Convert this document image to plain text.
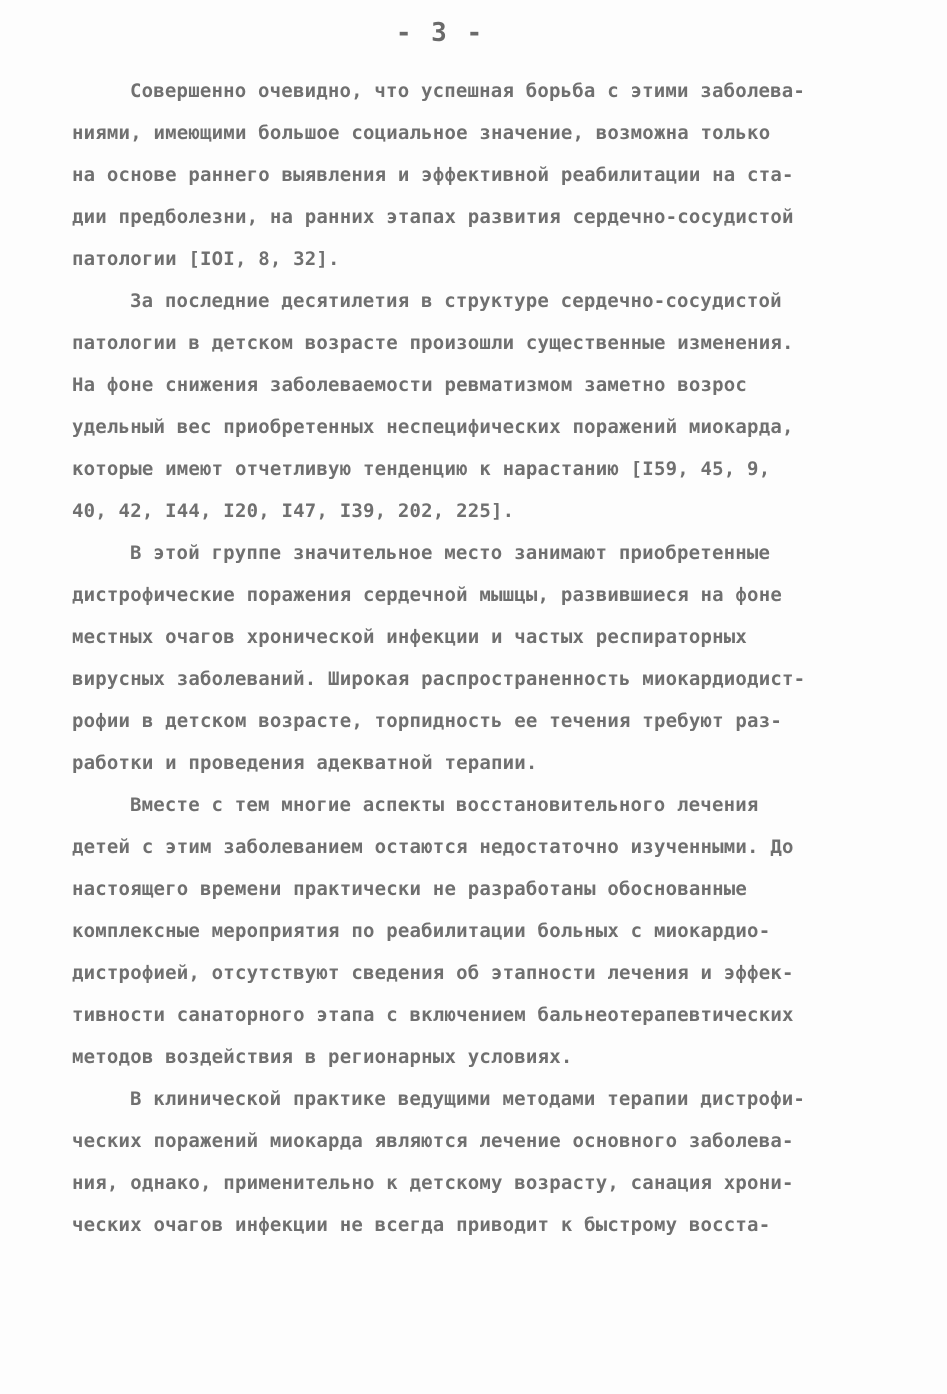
- 3 -
Совершенно очевидно, что успешная борьба с этими заболева-
ниями, имеющими большое социальное значение, возможна только
на основе раннего выявления и эффективной реабилитации на ста-
дии предболезни, на ранних этапах развития сердечно-сосудистой
патологии [IOI, 8, 32].
За последние десятилетия в структуре сердечно-сосудистой
патологии в детском возрасте произошли существенные изменения.
На фоне снижения заболеваемости ревматизмом заметно возрос
удельный вес приобретенных неспецифических поражений миокарда,
которые имеют отчетливую тенденцию к нарастанию [I59, 45, 9,
40, 42, I44, I20, I47, I39, 202, 225].
В этой группе значительное место занимают приобретенные
дистрофические поражения сердечной мышцы, развившиеся на фоне
местных очагов хронической инфекции и частых респираторных
вирусных заболеваний. Широкая распространенность миокардиодист-
рофии в детском возрасте, торпидность ее течения требуют раз-
работки и проведения адекватной терапии.
Вместе с тем многие аспекты восстановительного лечения
детей с этим заболеванием остаются недостаточно изученными. До
настоящего времени практически не разработаны обоснованные
комплексные мероприятия по реабилитации больных с миокардио-
дистрофией, отсутствуют сведения об этапности лечения и эффек-
тивности санаторного этапа с включением бальнеотерапевтических
методов воздействия в регионарных условиях.
В клинической практике ведущими методами терапии дистрофи-
ческих поражений миокарда являются лечение основного заболева-
ния, однако, применительно к детскому возрасту, санация хрони-
ческих очагов инфекции не всегда приводит к быстрому восста-
